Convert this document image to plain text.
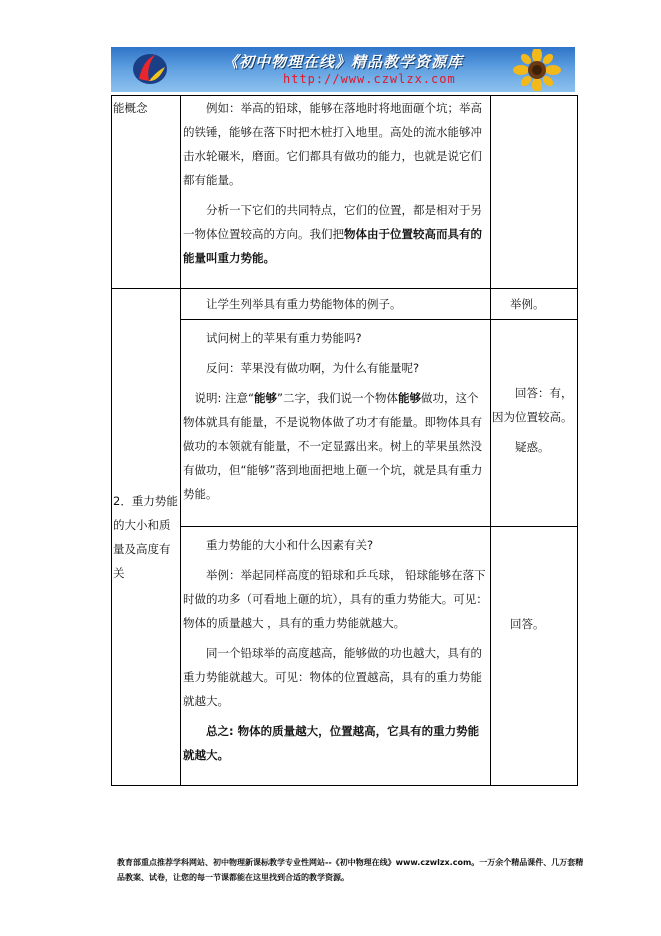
《初中物理在线》精品教学资源库
http://www.czwlzx.com
能概念	例如：举高的铅球，能够在落地时将地面砸个坑；举高的铁锤，能够在落下时把木桩打入地里。高处的流水能够冲击水轮碾米，磨面。它们都具有做功的能力，也就是说它们都有能量。

分析一下它们的共同特点，它们的位置，都是相对于另一物体位置较高的方向。我们把物体由于位置较高而具有的能量叫重力势能。

2．重力势能的大小和质量及高度有关
让学生列举具有重力势能物体的例子。	举例。

试问树上的苹果有重力势能吗?

反问：苹果没有做功啊，为什么有能量呢?

说明: 注意“能够”二字，我们说一个物体能够做功，这个物体就具有能量，不是说物体做了功才有能量。即物体具有做功的本领就有能量，不一定显露出来。树上的苹果虽然没有做功，但“能够”落到地面把地上砸一个坑，就是具有重力势能。

回答：有，因为位置较高。

疑惑。

重力势能的大小和什么因素有关?

举例：举起同样高度的铅球和乒乓球， 铅球能够在落下时做的功多（可看地上砸的坑），具有的重力势能大。可见： 物体的质量越大 ，具有的重力势能就越大。

同一个铅球举的高度越高，能够做的功也越大，具有的重力势能就越大。可见：物体的位置越高，具有的重力势能就越大。

总之: 物体的质量越大，位置越高，它具有的重力势能就越大。

回答。
教育部重点推荐学科网站、初中物理新课标教学专业性网站--《初中物理在线》www.czwlzx.com。一万余个精品课件、几万套精品教案、试卷，让您的每一节课都能在这里找到合适的教学资源。
